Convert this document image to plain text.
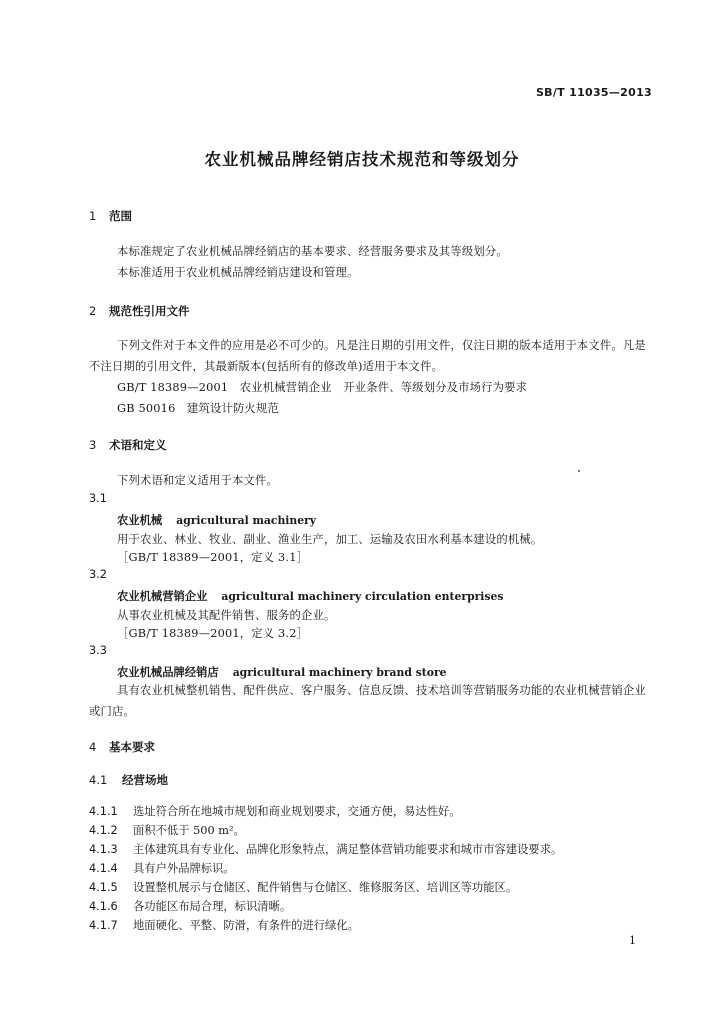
SB/T 11035—2013
农业机械品牌经销店技术规范和等级划分
1 范围
本标准规定了农业机械品牌经销店的基本要求、经营服务要求及其等级划分。
本标准适用于农业机械品牌经销店建设和管理。
2 规范性引用文件
下列文件对于本文件的应用是必不可少的。凡是注日期的引用文件，仅注日期的版本适用于本文件。凡是不注日期的引用文件，其最新版本(包括所有的修改单)适用于本文件。
GB/T 18389—2001　农业机械营销企业　开业条件、等级划分及市场行为要求
GB 50016　建筑设计防火规范
3 术语和定义
下列术语和定义适用于本文件。
3.1
农业机械 agricultural machinery
用于农业、林业、牧业、副业、渔业生产，加工、运输及农田水利基本建设的机械。
［GB/T 18389—2001，定义 3.1］
3.2
农业机械营销企业 agricultural machinery circulation enterprises
从事农业机械及其配件销售、服务的企业。
［GB/T 18389—2001，定义 3.2］
3.3
农业机械品牌经销店 agricultural machinery brand store
具有农业机械整机销售、配件供应、客户服务、信息反馈、技术培训等营销服务功能的农业机械营销企业或门店。
4 基本要求
4.1 经营场地
4.1.1 选址符合所在地城市规划和商业规划要求，交通方便，易达性好。
4.1.2 面积不低于 500 m²。
4.1.3 主体建筑具有专业化、品牌化形象特点，满足整体营销功能要求和城市市容建设要求。
4.1.4 具有户外品牌标识。
4.1.5 设置整机展示与仓储区、配件销售与仓储区、维修服务区、培训区等功能区。
4.1.6 各功能区布局合理，标识清晰。
4.1.7 地面硬化、平整、防滑，有条件的进行绿化。
1
